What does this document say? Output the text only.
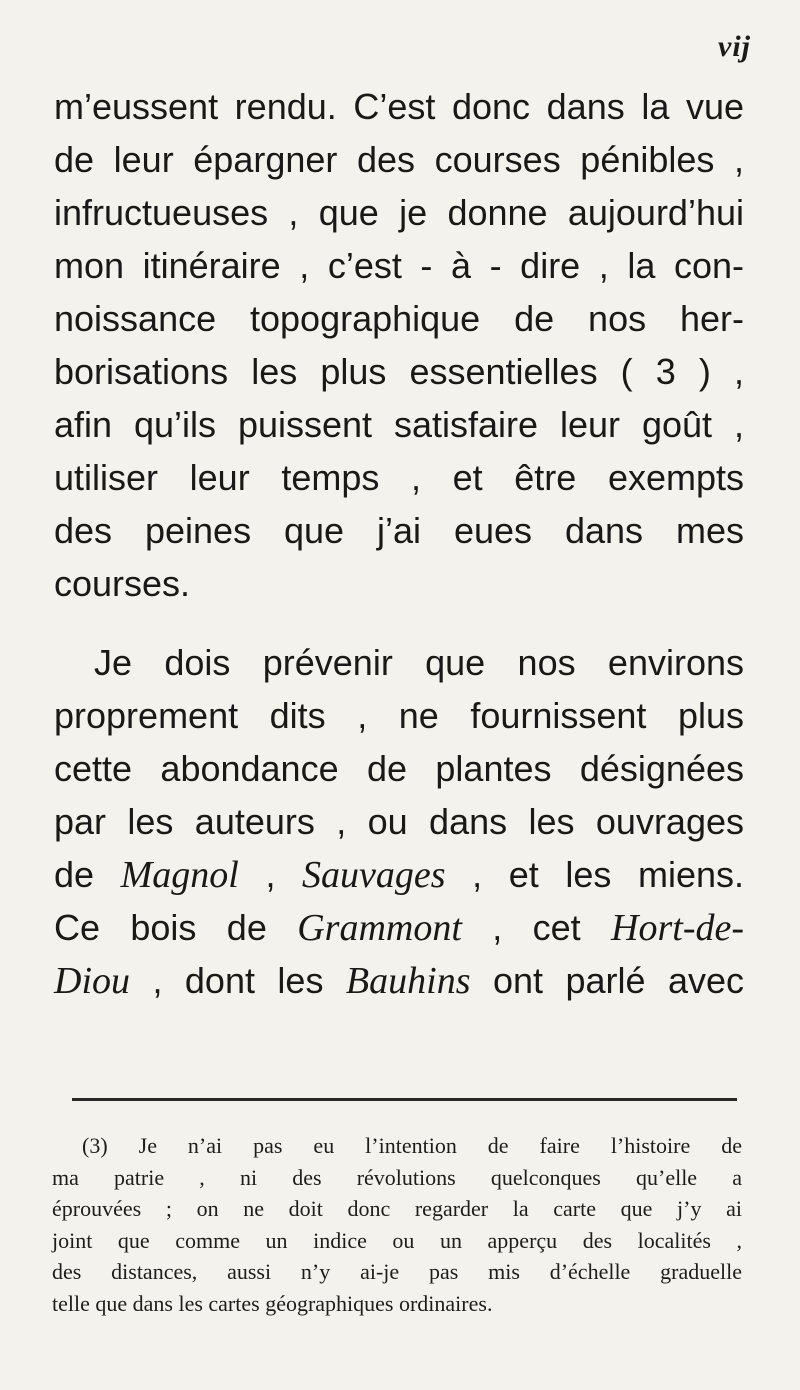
vij
m’eussent rendu. C’est donc dans la vue
de leur épargner des courses pénibles ,
infructueuses , que je donne aujourd’hui
mon itinéraire , c’est - à - dire , la con-
noissance topographique de nos her-
borisations les plus essentielles ( 3 ) ,
afin qu’ils puissent satisfaire leur goût ,
utiliser leur temps , et être exempts
des peines que j’ai eues dans mes
courses.
Je dois prévenir que nos environs
proprement dits , ne fournissent plus
cette abondance de plantes désignées
par les auteurs , ou dans les ouvrages
de Magnol , Sauvages , et les miens.
Ce bois de Grammont , cet Hort-de-
Diou , dont les Bauhins ont parlé avec
(3) Je n’ai pas eu l’intention de faire l’histoire de
ma patrie , ni des révolutions quelconques qu’elle a
éprouvées ; on ne doit donc regarder la carte que j’y ai
joint que comme un indice ou un apperçu des localités ,
des distances, aussi n’y ai-je pas mis d’échelle graduelle
telle que dans les cartes géographiques ordinaires.
